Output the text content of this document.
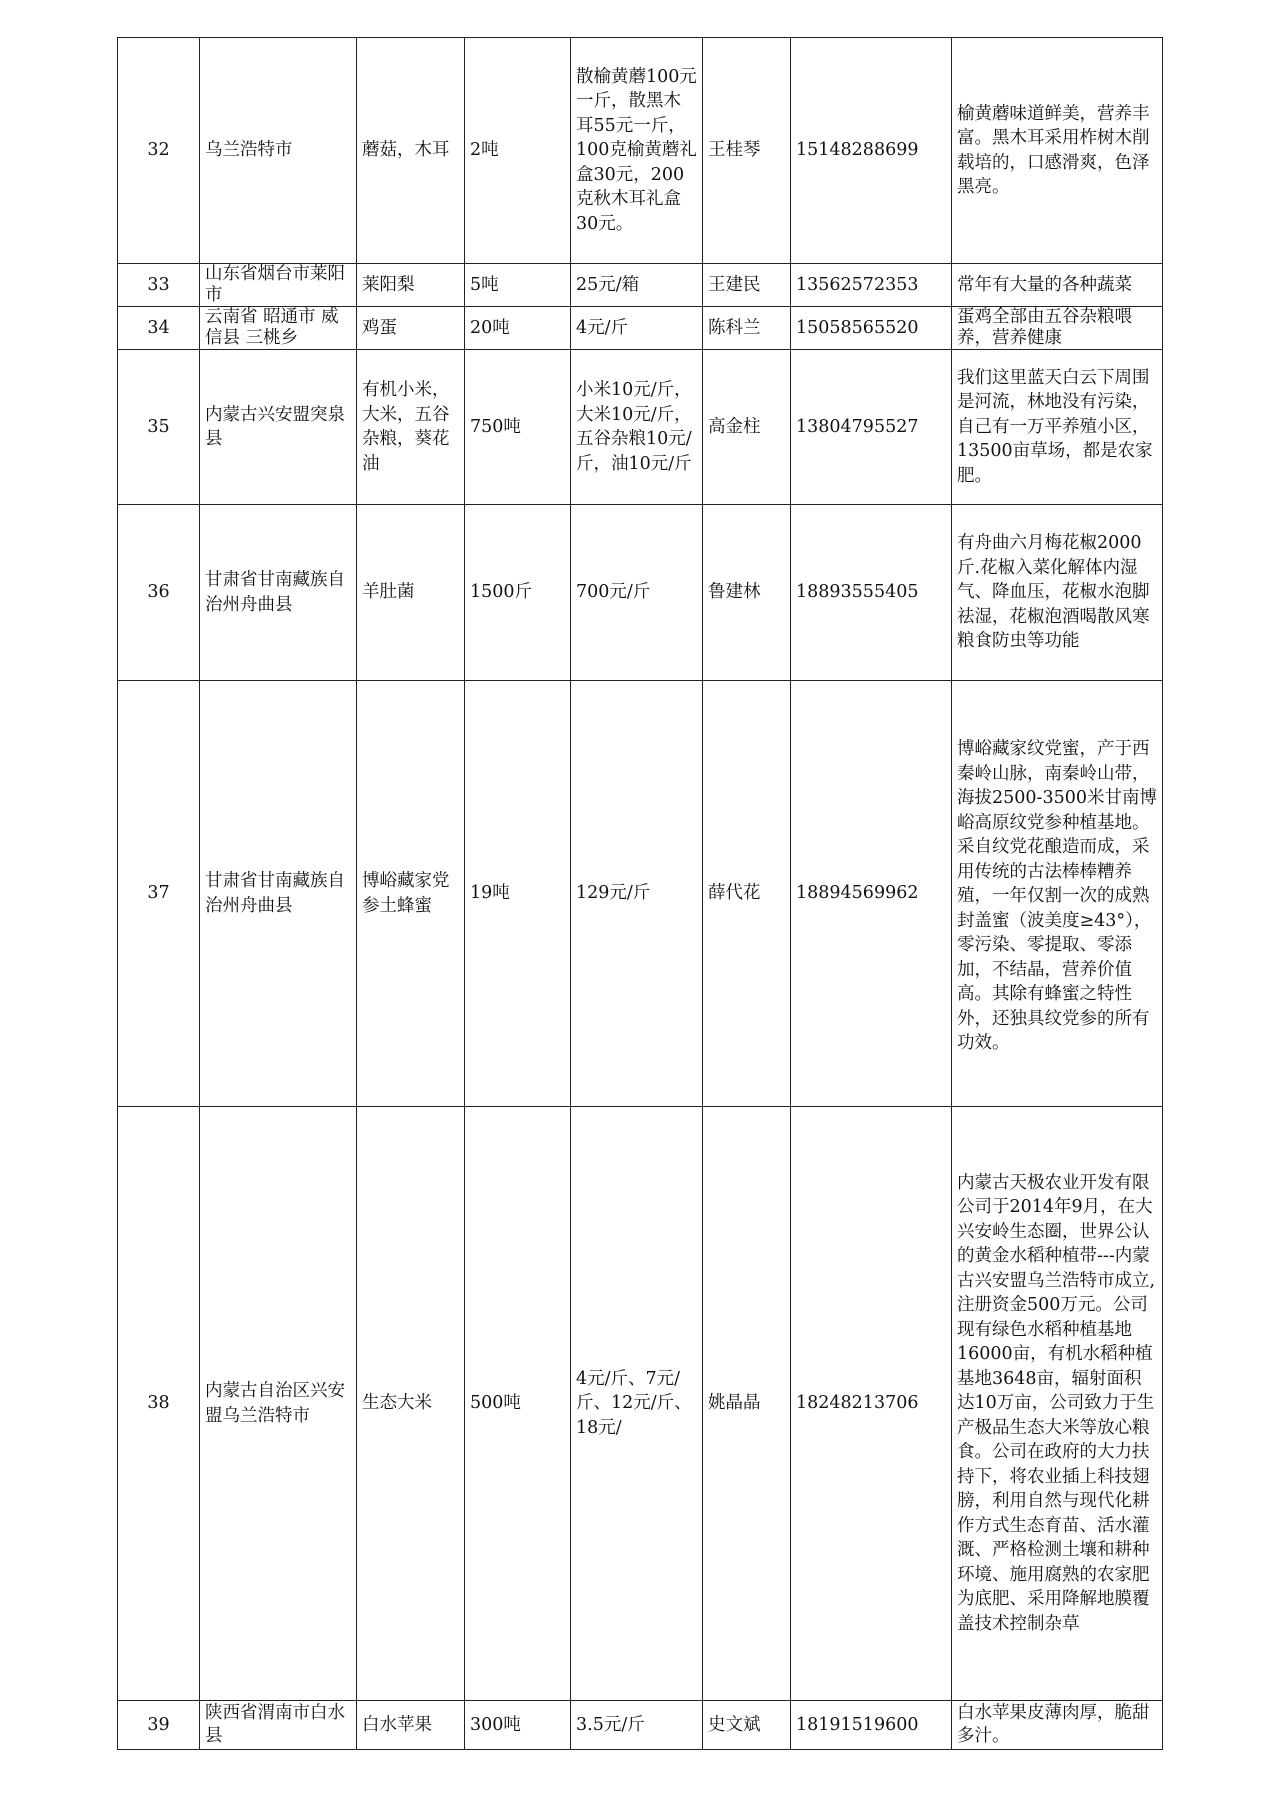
32	乌兰浩特市	蘑菇，木耳	2吨	散榆黄蘑100元一斤，散黑木耳55元一斤，100克榆黄蘑礼盒30元，200克秋木耳礼盒30元。	王桂琴	15148288699	榆黄蘑味道鲜美，营养丰富。黑木耳采用柞树木削载培的，口感滑爽，色泽黑亮。

33	山东省烟台市莱阳市	莱阳梨	5吨	25元/箱	王建民	13562572353	常年有大量的各种蔬菜

34	云南省 昭通市 威信县 三桃乡	鸡蛋	20吨	4元/斤	陈科兰	15058565520	蛋鸡全部由五谷杂粮喂养，营养健康

35	内蒙古兴安盟突泉县	有机小米，大米，五谷杂粮，葵花油	750吨	小米10元/斤，大米10元/斤，五谷杂粮10元/斤，油10元/斤	高金柱	13804795527	我们这里蓝天白云下周围是河流，林地没有污染，自己有一万平养殖小区，13500亩草场，都是农家肥。

36	甘肃省甘南藏族自治州舟曲县	羊肚菌	1500斤	700元/斤	鲁建林	18893555405	有舟曲六月梅花椒2000斤.花椒入菜化解体内湿气、降血压，花椒水泡脚祛湿，花椒泡酒喝散风寒粮食防虫等功能

37	甘肃省甘南藏族自治州舟曲县	博峪藏家党参土蜂蜜	19吨	129元/斤	薛代花	18894569962	博峪藏家纹党蜜，产于西秦岭山脉，南秦岭山带，海拔2500-3500米甘南博峪高原纹党参种植基地。采自纹党花酿造而成，采用传统的古法棒棒糟养殖，一年仅割一次的成熟封盖蜜（波美度≥43°），零污染、零提取、零添加，不结晶，营养价值高。其除有蜂蜜之特性外，还独具纹党参的所有功效。

38	内蒙古自治区兴安盟乌兰浩特市	生态大米	500吨	4元/斤、7元/斤、12元/斤、18元/	姚晶晶	18248213706	内蒙古天极农业开发有限公司于2014年9月，在大兴安岭生态圈，世界公认的黄金水稻种植带---内蒙古兴安盟乌兰浩特市成立,注册资金500万元。公司现有绿色水稻种植基地16000亩，有机水稻种植基地3648亩，辐射面积达10万亩，公司致力于生产极品生态大米等放心粮食。公司在政府的大力扶持下，将农业插上科技翅膀，利用自然与现代化耕作方式生态育苗、活水灌溉、严格检测土壤和耕种环境、施用腐熟的农家肥为底肥、采用降解地膜覆盖技术控制杂草

39	陕西省渭南市白水县	白水苹果	300吨	3.5元/斤	史文斌	18191519600	白水苹果皮薄肉厚，脆甜多汁。
